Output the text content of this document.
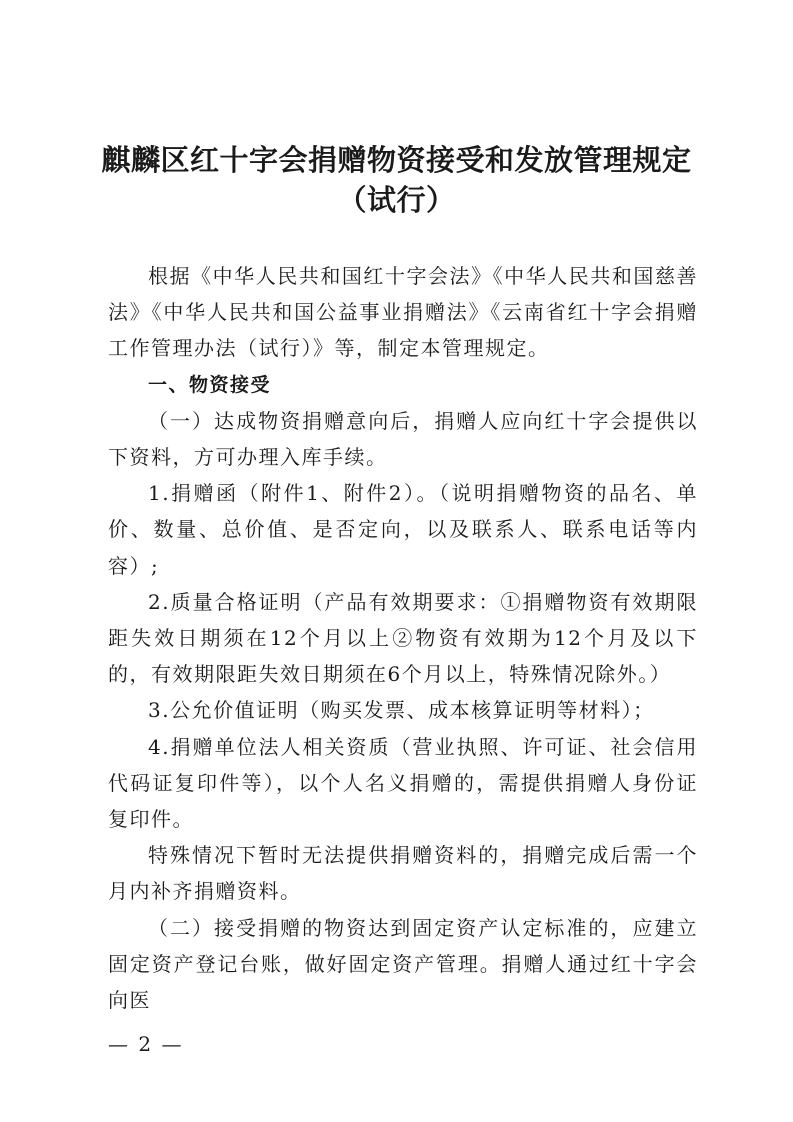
麒麟区红十字会捐赠物资接受和发放管理规定
（试行）

根据《中华人民共和国红十字会法》《中华人民共和国慈善法》《中华人民共和国公益事业捐赠法》《云南省红十字会捐赠工作管理办法（试行）》等，制定本管理规定。

一、物资接受

（一）达成物资捐赠意向后，捐赠人应向红十字会提供以下资料，方可办理入库手续。

1.捐赠函（附件1、附件2）。（说明捐赠物资的品名、单价、数量、总价值、是否定向，以及联系人、联系电话等内容）;

2.质量合格证明（产品有效期要求：①捐赠物资有效期限距失效日期须在12个月以上②物资有效期为12个月及以下的，有效期限距失效日期须在6个月以上，特殊情况除外。）

3.公允价值证明（购买发票、成本核算证明等材料）；

4.捐赠单位法人相关资质（营业执照、许可证、社会信用代码证复印件等），以个人名义捐赠的，需提供捐赠人身份证复印件。

特殊情况下暂时无法提供捐赠资料的，捐赠完成后需一个月内补齐捐赠资料。

（二）接受捐赠的物资达到固定资产认定标准的，应建立固定资产登记台账，做好固定资产管理。捐赠人通过红十字会向医

— 2 —
